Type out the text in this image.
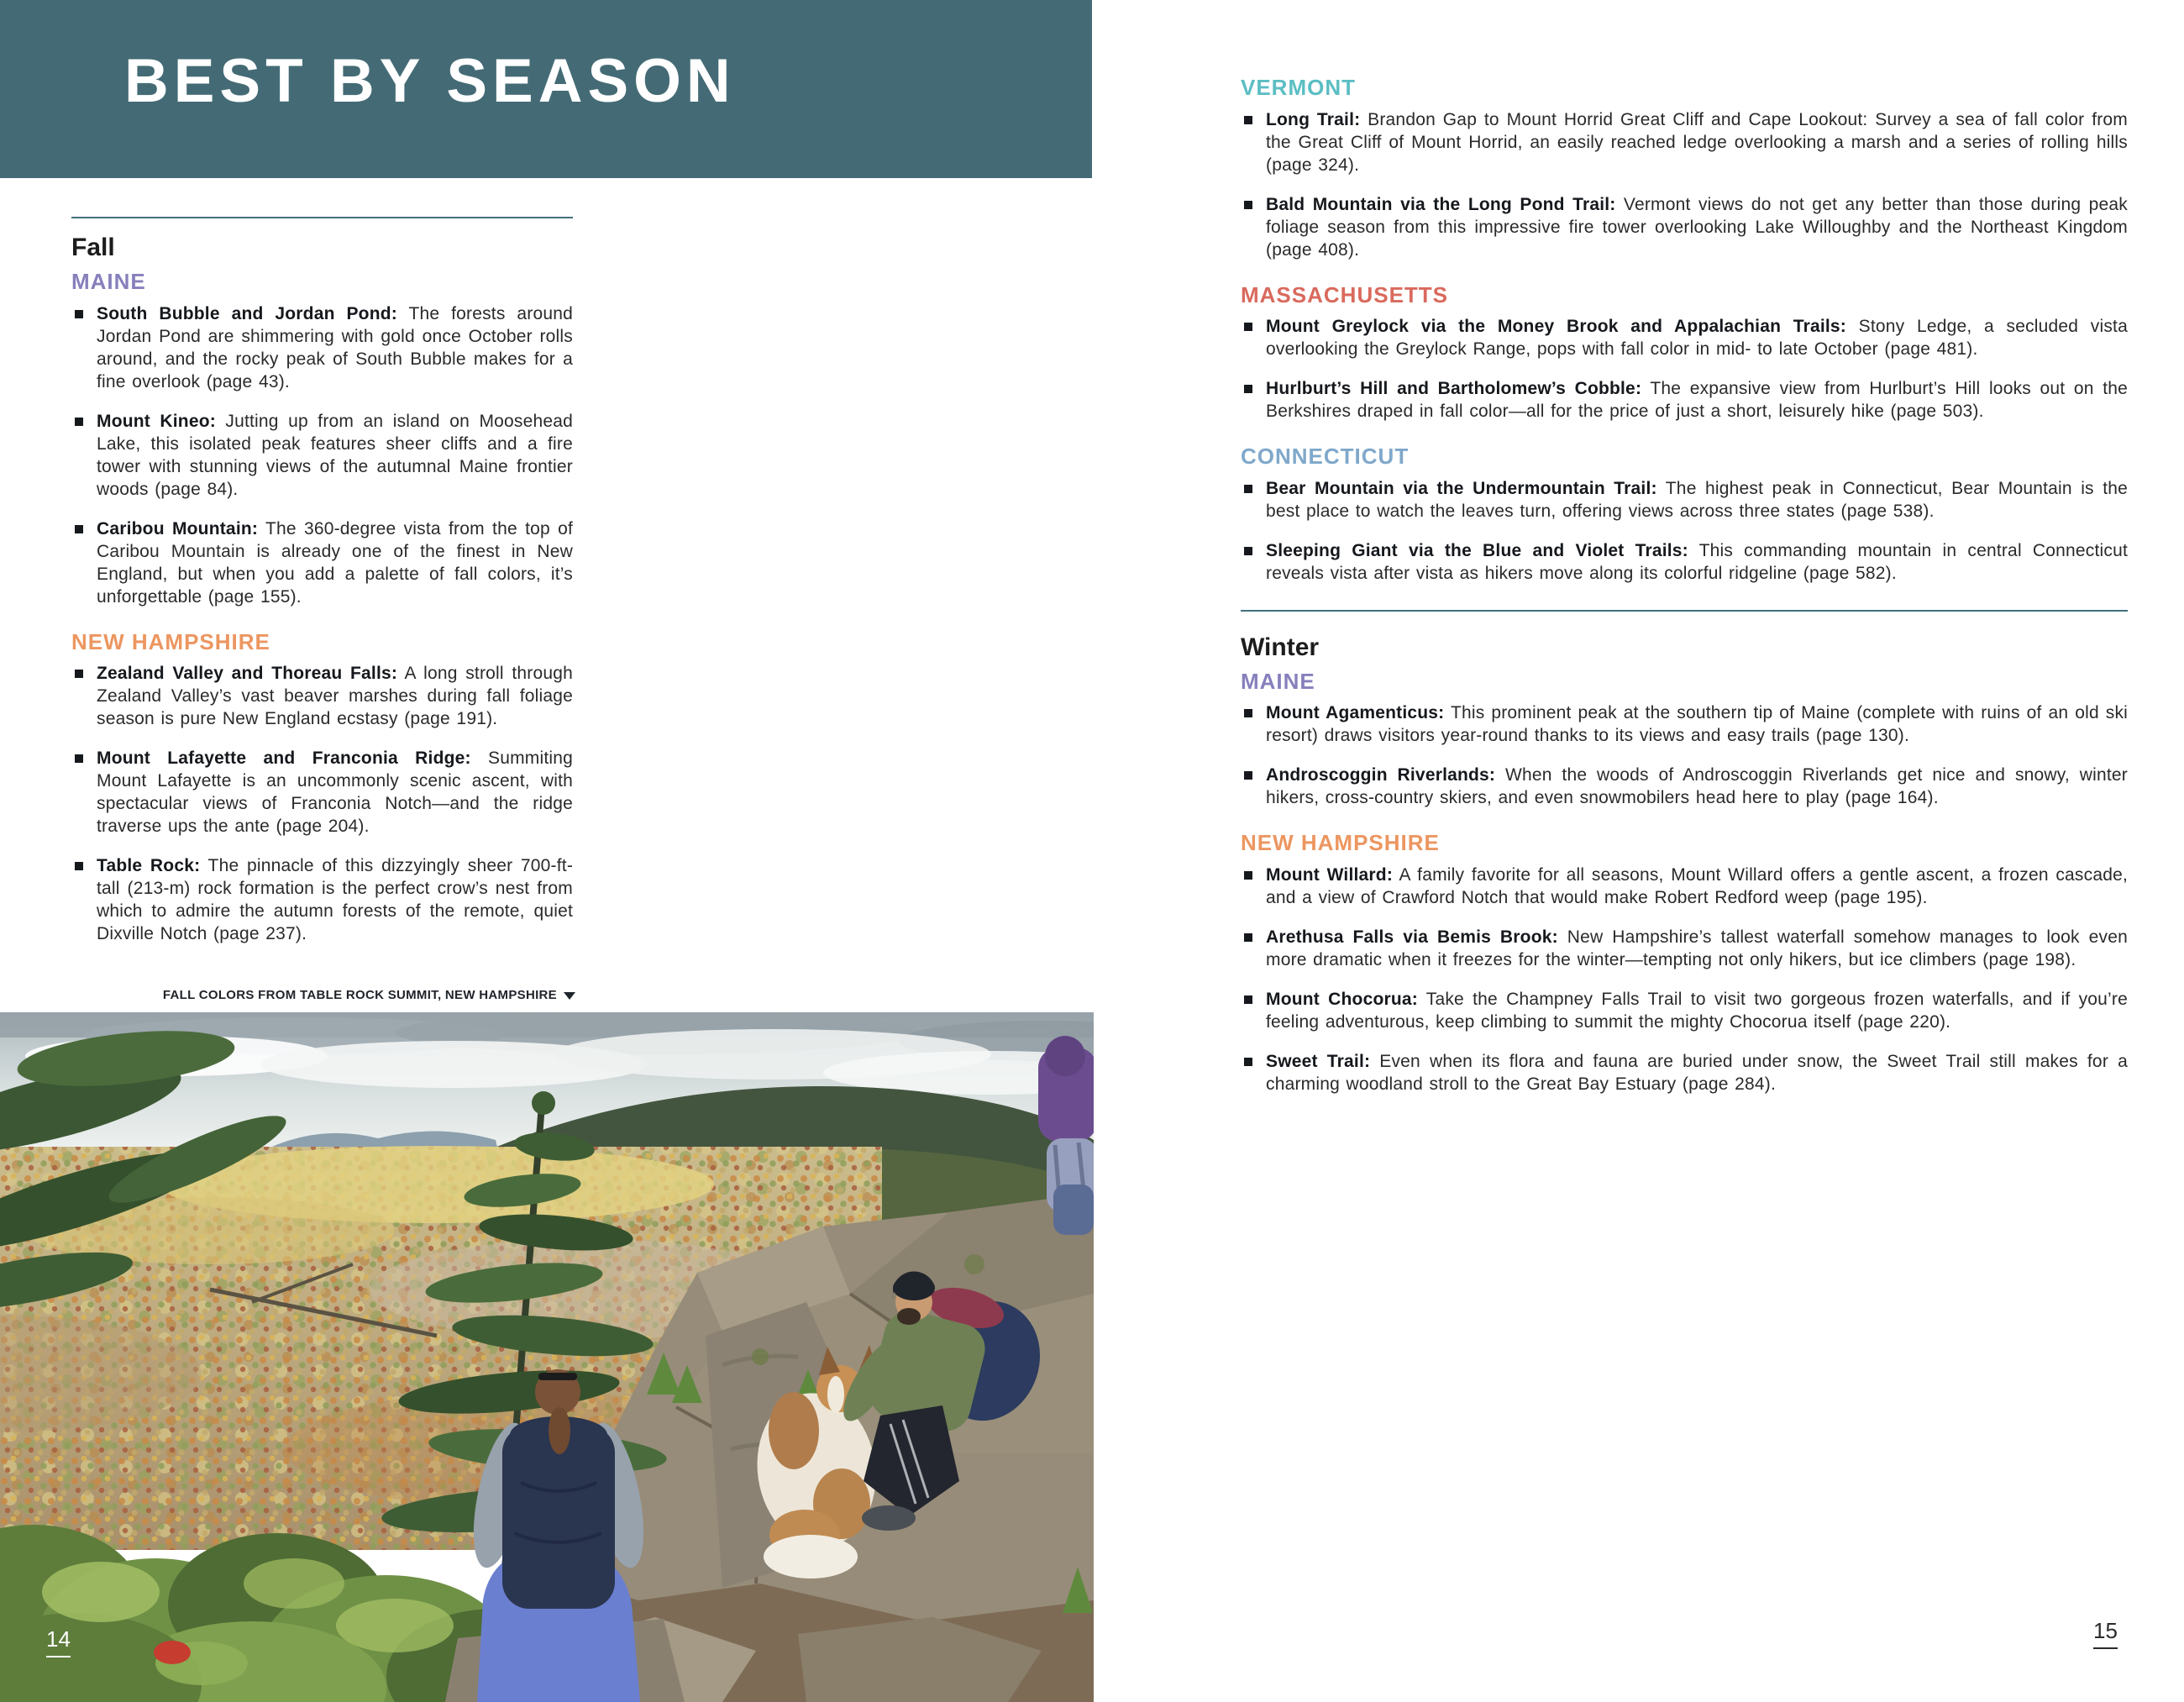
BEST BY SEASON
Fall
MAINE

South Bubble and Jordan Pond: The forests around Jordan Pond are shimmering with gold once October rolls around, and the rocky peak of South Bubble makes for a fine overlook (page 43).

Mount Kineo: Jutting up from an island on Moosehead Lake, this isolated peak features sheer cliffs and a fire tower with stunning views of the autumnal Maine frontier woods (page 84).

Caribou Mountain: The 360-degree vista from the top of Caribou Mountain is already one of the finest in New England, but when you add a palette of fall colors, it’s unforgettable (page 155).

NEW HAMPSHIRE

Zealand Valley and Thoreau Falls: A long stroll through Zealand Valley’s vast beaver marshes during fall foliage season is pure New England ecstasy (page 191).

Mount Lafayette and Franconia Ridge: Summiting Mount Lafayette is an uncommonly scenic ascent, with spectacular views of Franconia Notch—and the ridge traverse ups the ante (page 204).

Table Rock: The pinnacle of this dizzyingly sheer 700-ft-tall (213-m) rock formation is the perfect crow’s nest from which to admire the autumn forests of the remote, quiet Dixville Notch (page 237).

FALL COLORS FROM TABLE ROCK SUMMIT, NEW HAMPSHIRE
14
VERMONT

Long Trail: Brandon Gap to Mount Horrid Great Cliff and Cape Lookout: Survey a sea of fall color from the Great Cliff of Mount Horrid, an easily reached ledge overlooking a marsh and a series of rolling hills (page 324).

Bald Mountain via the Long Pond Trail: Vermont views do not get any better than those during peak foliage season from this impressive fire tower overlooking Lake Willoughby and the Northeast Kingdom (page 408).

MASSACHUSETTS

Mount Greylock via the Money Brook and Appalachian Trails: Stony Ledge, a secluded vista overlooking the Greylock Range, pops with fall color in mid- to late October (page 481).

Hurlburt’s Hill and Bartholomew’s Cobble: The expansive view from Hurlburt’s Hill looks out on the Berkshires draped in fall color—all for the price of just a short, leisurely hike (page 503).

CONNECTICUT

Bear Mountain via the Undermountain Trail: The highest peak in Connecticut, Bear Mountain is the best place to watch the leaves turn, offering views across three states (page 538).

Sleeping Giant via the Blue and Violet Trails: This commanding mountain in central Connecticut reveals vista after vista as hikers move along its colorful ridgeline (page 582).

Winter
MAINE

Mount Agamenticus: This prominent peak at the southern tip of Maine (complete with ruins of an old ski resort) draws visitors year-round thanks to its views and easy trails (page 130).

Androscoggin Riverlands: When the woods of Androscoggin Riverlands get nice and snowy, winter hikers, cross-country skiers, and even snowmobilers head here to play (page 164).

NEW HAMPSHIRE

Mount Willard: A family favorite for all seasons, Mount Willard offers a gentle ascent, a frozen cascade, and a view of Crawford Notch that would make Robert Redford weep (page 195).

Arethusa Falls via Bemis Brook: New Hampshire’s tallest waterfall somehow manages to look even more dramatic when it freezes for the winter—tempting not only hikers, but ice climbers (page 198).

Mount Chocorua: Take the Champney Falls Trail to visit two gorgeous frozen waterfalls, and if you’re feeling adventurous, keep climbing to summit the mighty Chocorua itself (page 220).

Sweet Trail: Even when its flora and fauna are buried under snow, the Sweet Trail still makes for a charming woodland stroll to the Great Bay Estuary (page 284).

15
